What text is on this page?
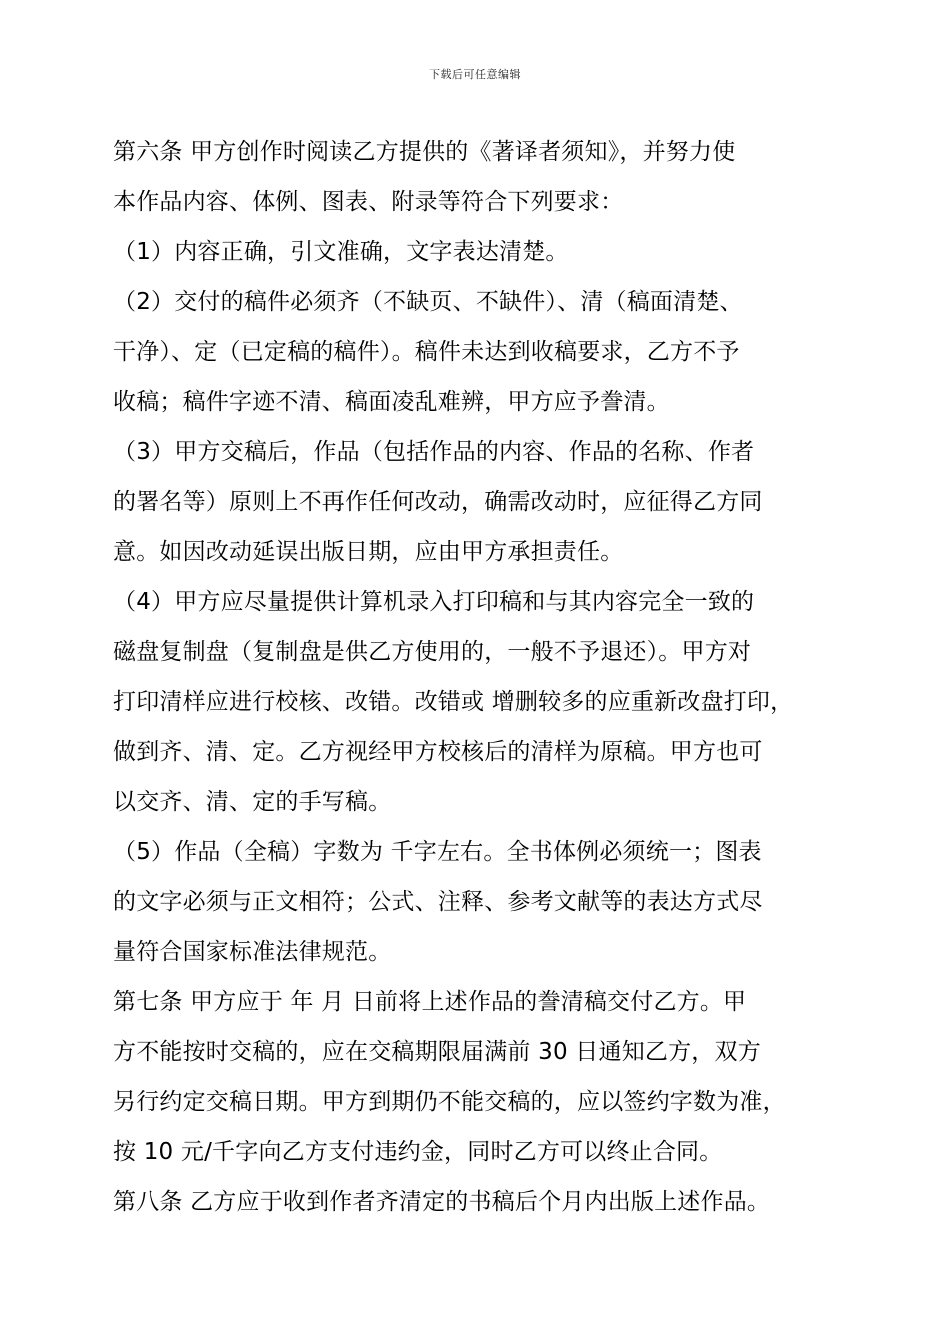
下载后可任意编辑
第六条 甲方创作时阅读乙方提供的《著译者须知》，并努力使
本作品内容、体例、图表、附录等符合下列要求：
（1）内容正确，引文准确，文字表达清楚。
（2）交付的稿件必须齐（不缺页、不缺件）、清（稿面清楚、
干净）、定（已定稿的稿件）。稿件未达到收稿要求，乙方不予
收稿；稿件字迹不清、稿面凌乱难辨，甲方应予誊清。
（3）甲方交稿后，作品（包括作品的内容、作品的名称、作者
的署名等）原则上不再作任何改动，确需改动时，应征得乙方同
意。如因改动延误出版日期，应由甲方承担责任。
（4）甲方应尽量提供计算机录入打印稿和与其内容完全一致的
磁盘复制盘（复制盘是供乙方使用的，一般不予退还）。甲方对
打印清样应进行校核、改错。改错或 增删较多的应重新改盘打印，
做到齐、清、定。乙方视经甲方校核后的清样为原稿。甲方也可
以交齐、清、定的手写稿。
（5）作品（全稿）字数为 千字左右。全书体例必须统一；图表
的文字必须与正文相符；公式、注释、参考文献等的表达方式尽
量符合国家标准法律规范。
第七条 甲方应于 年 月 日前将上述作品的誊清稿交付乙方。甲
方不能按时交稿的，应在交稿期限届满前 30 日通知乙方，双方
另行约定交稿日期。甲方到期仍不能交稿的，应以签约字数为准，
按 10 元/千字向乙方支付违约金，同时乙方可以终止合同。
第八条 乙方应于收到作者齐清定的书稿后个月内出版上述作品。
